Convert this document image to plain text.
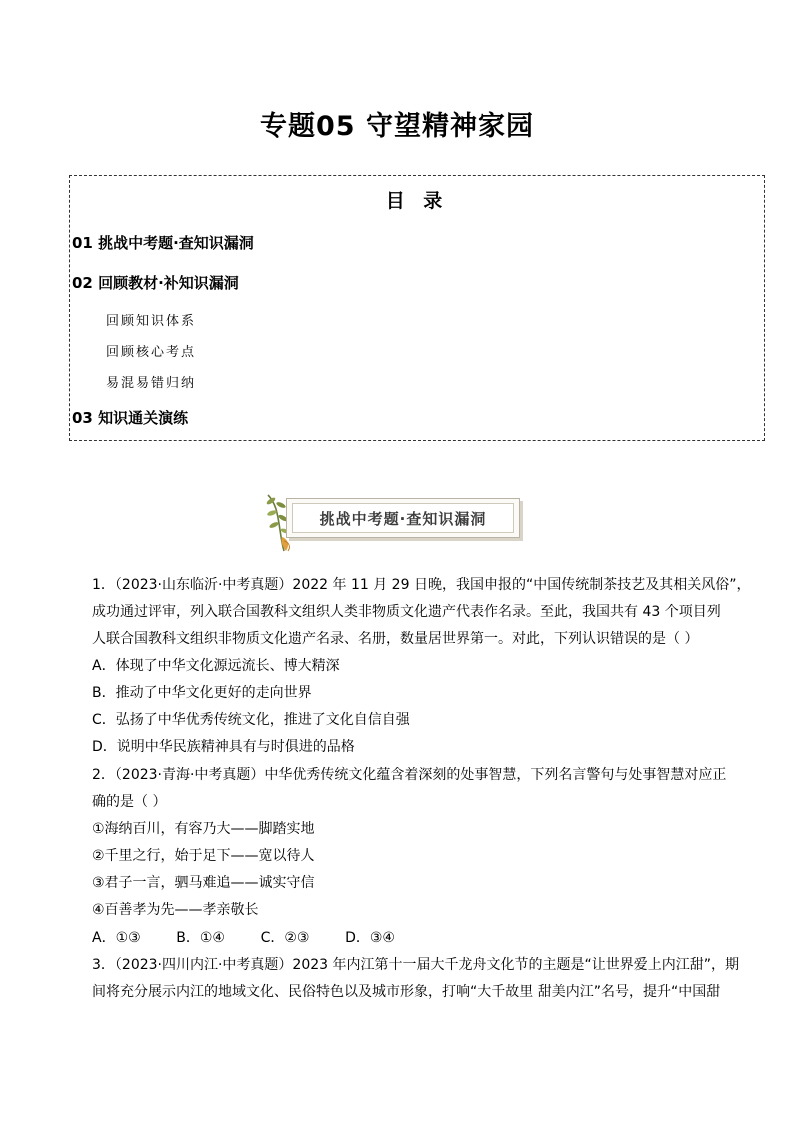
专题05 守望精神家园
目 录
01 挑战中考题·查知识漏洞
02 回顾教材·补知识漏洞
回顾知识体系
回顾核心考点
易混易错归纳
03 知识通关演练
挑战中考题·查知识漏洞
1．（2023·山东临沂·中考真题）2022 年 11 月 29 日晚，我国申报的“中国传统制茶技艺及其相关风俗”，
成功通过评审，列入联合国教科文组织人类非物质文化遗产代表作名录。至此，我国共有 43 个项目列
人联合国教科文组织非物质文化遗产名录、名册，数量居世界第一。对此，下列认识错误的是（ ）
A．体现了中华文化源远流长、博大精深
B．推动了中华文化更好的走向世界
C．弘扬了中华优秀传统文化，推进了文化自信自强
D．说明中华民族精神具有与时俱进的品格
2．（2023·青海·中考真题）中华优秀传统文化蕴含着深刻的处事智慧，下列名言警句与处事智慧对应正
确的是（ ）
①海纳百川，有容乃大——脚踏实地
②千里之行，始于足下——宽以待人
③君子一言，驷马难追——诚实守信
④百善孝为先——孝亲敬长
A．①③        B．①④        C．②③        D．③④
3．（2023·四川内江·中考真题）2023 年内江第十一届大千龙舟文化节的主题是“让世界爱上内江甜”，期
间将充分展示内江的地域文化、民俗特色以及城市形象，打响“大千故里 甜美内江”名号，提升“中国甜
